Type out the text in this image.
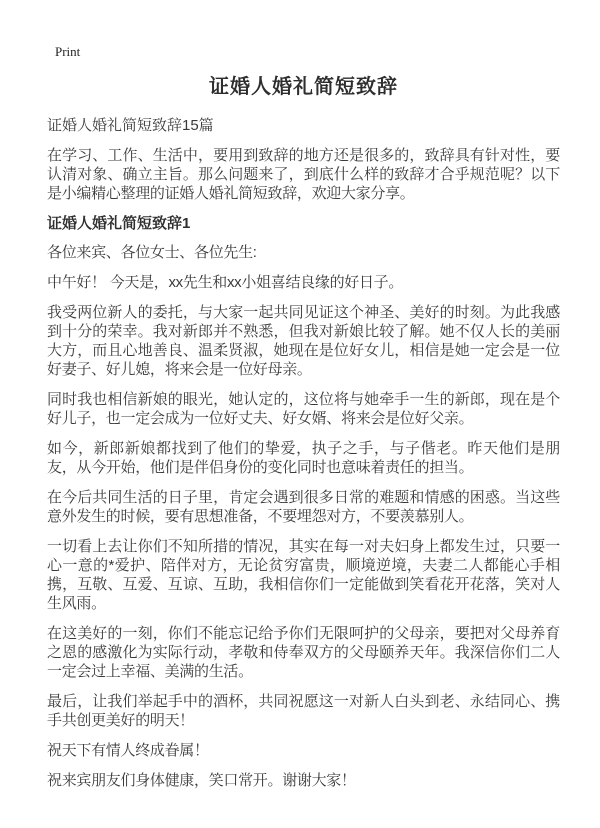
Print
证婚人婚礼简短致辞
证婚人婚礼简短致辞15篇

在学习、工作、生活中，要用到致辞的地方还是很多的，致辞具有针对性，要认清对象、确立主旨。那么问题来了，到底什么样的致辞才合乎规范呢？以下是小编精心整理的证婚人婚礼简短致辞，欢迎大家分享。

证婚人婚礼简短致辞1

各位来宾、各位女士、各位先生:

中午好！ 今天是，xx先生和xx小姐喜结良缘的好日子。

我受两位新人的委托，与大家一起共同见证这个神圣、美好的时刻。为此我感到十分的荣幸。我对新郎并不熟悉，但我对新娘比较了解。她不仅人长的美丽大方，而且心地善良、温柔贤淑，她现在是位好女儿，相信是她一定会是一位好妻子、好儿媳，将来会是一位好母亲。

同时我也相信新娘的眼光，她认定的，这位将与她牵手一生的新郎，现在是个好儿子，也一定会成为一位好丈夫、好女婿、将来会是位好父亲。

如今，新郎新娘都找到了他们的挚爱，执子之手，与子偕老。昨天他们是朋友，从今开始，他们是伴侣身份的变化同时也意味着责任的担当。

在今后共同生活的日子里，肯定会遇到很多日常的难题和情感的困惑。当这些意外发生的时候，要有思想准备，不要埋怨对方，不要羡慕别人。

一切看上去让你们不知所措的情况，其实在每一对夫妇身上都发生过，只要一心一意的*爱护、陪伴对方，无论贫穷富贵，顺境逆境，夫妻二人都能心手相携，互敬、互爱、互谅、互助，我相信你们一定能做到笑看花开花落，笑对人生风雨。

在这美好的一刻，你们不能忘记给予你们无限呵护的父母亲，要把对父母养育之恩的感激化为实际行动，孝敬和侍奉双方的父母颐养天年。我深信你们二人一定会过上幸福、美满的生活。

最后，让我们举起手中的酒杯，共同祝愿这一对新人白头到老、永结同心、携手共创更美好的明天！

祝天下有情人终成眷属！

祝来宾朋友们身体健康，笑口常开。谢谢大家！
